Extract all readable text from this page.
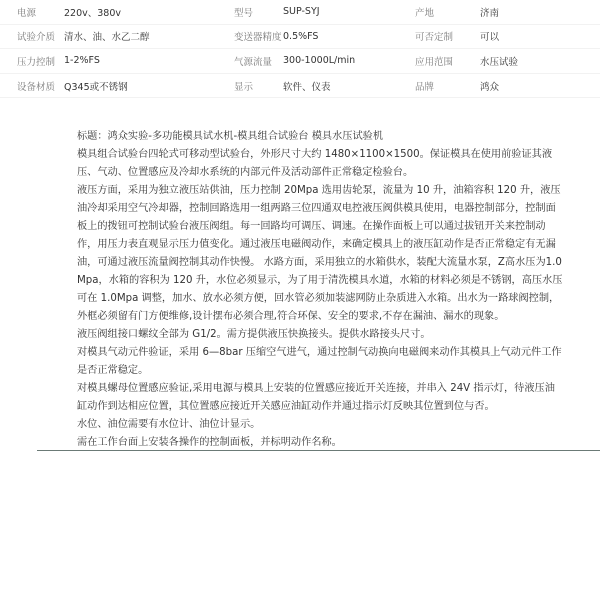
电源	220v、380v	型号	SUP-SYJ	产地	济南
试验介质	清水、油、水乙二醇	变送器精度	0.5%FS	可否定制	可以
压力控制	1-2%FS	气源流量	300-1000L/min	应用范围	水压试验
设备材质	Q345或不锈钢	显示	软件、仪表	品牌	鸿众

标题：鸿众实验-多功能模具试水机-模具组合试验台 模具水压试验机

模具组合试验台四轮式可移动型试验台，外形尺寸大约 1480×1100×1500。保证模具在使用前验证其液压、气动、位置感应及冷却水系统的内部元件及活动部件正常稳定检验台。

液压方面，采用为独立液压站供油，压力控制 20Mpa 选用齿轮泵，流量为 10 升，油箱容积 120 升，液压油冷却采用空气冷却器，控制回路选用一组两路三位四通双电控液压阀供模具使用，电器控制部分，控制面板上的拨钮可控制试验台液压阀组。每一回路均可调压、调速。在操作面板上可以通过拔钮开关来控制动作，用压力表直观显示压力值变化。通过液压电磁阀动作，来确定模具上的液压缸动作是否正常稳定有无漏油，可通过液压流量阀控制其动作快慢。 水路方面，采用独立的水箱供水，装配大流量水泵，Z高水压为1.0Mpa，水箱的容积为 120 升，水位必须显示，为了用于清洗模具水道，水箱的材料必须是不锈钢，高压水压可在 1.0Mpa 调整，加水、放水必须方便，回水管必须加装滤网防止杂质进入水箱。出水为一路球阀控制，外框必须留有门方便维修,设计摆布必须合理,符合环保、安全的要求,不存在漏油、漏水的现象。

液压阀组接口螺纹全部为 G1/2。需方提供液压快换接头。提供水路接头尺寸。

对模具气动元件验证，采用 6—8bar 压缩空气进气，通过控制气动换向电磁阀来动作其模具上气动元件工作是否正常稳定。

对模具螺母位置感应验证,采用电源与模具上安装的位置感应接近开关连接，并串入 24V 指示灯，待液压油缸动作到达相应位置，其位置感应接近开关感应油缸动作并通过指示灯反映其位置到位与否。

水位、油位需要有水位计、油位计显示。

需在工作台面上安装各操作的控制面板，并标明动作名称。
